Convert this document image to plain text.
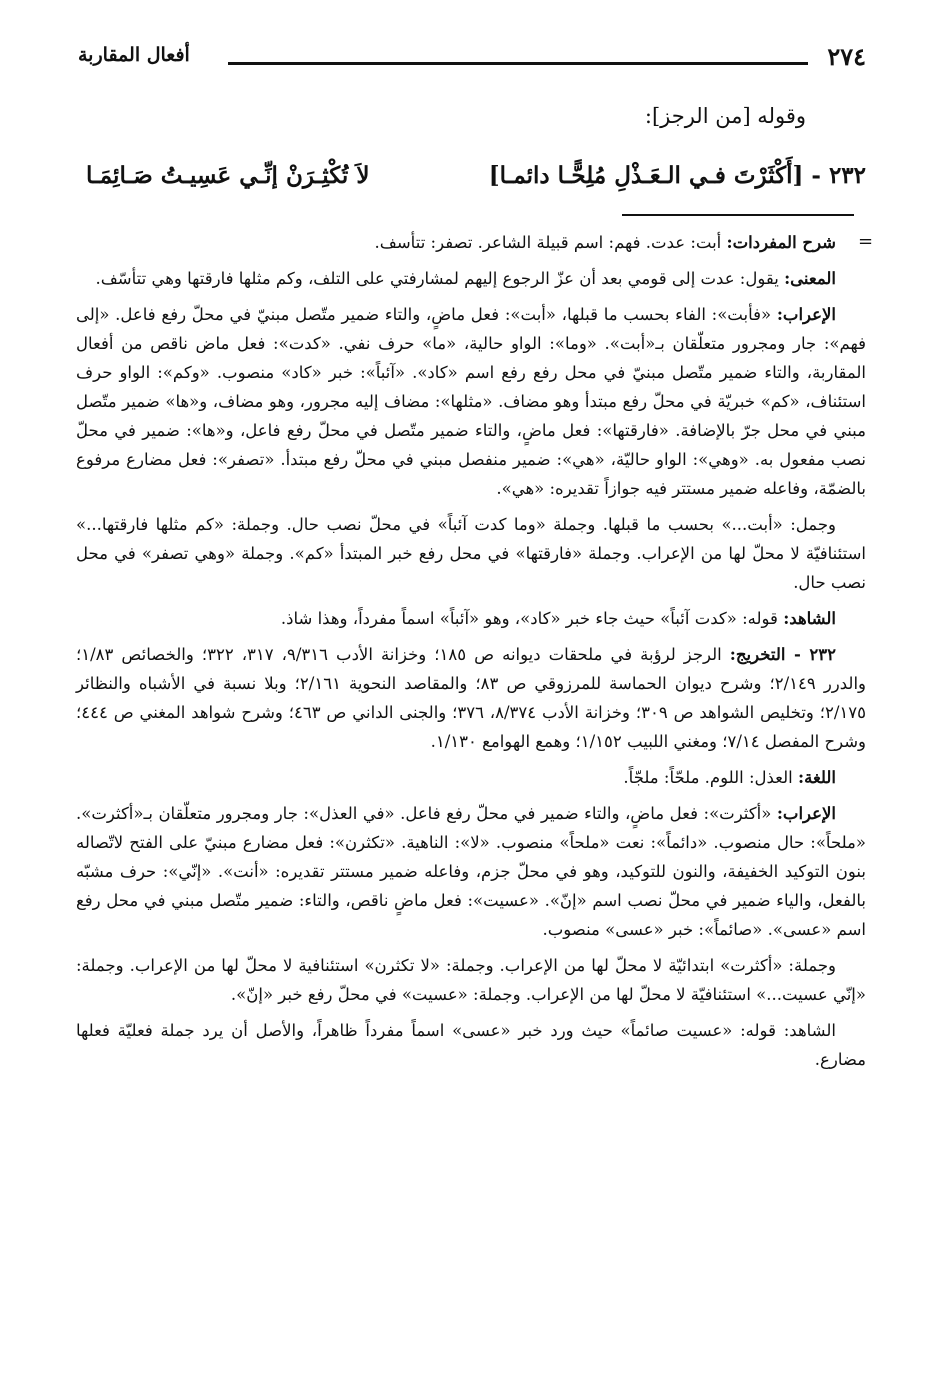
٢٧٤
أفعال المقاربة
وقوله [من الرجز]:
٢٣٢ - [أَكْثَرْتَ فـي الـعَـذْلِ مُلِحًّـا دائمـا]
لاَ تُكْثِـرَنْ إنِّـي عَسِيـتُ صَـائِمَـا
=

شرح المفردات: أبت: عدت. فهم: اسم قبيلة الشاعر. تصفر: تتأسف.

المعنى: يقول: عدت إلى قومي بعد أن عزّ الرجوع إليهم لمشارفتي على التلف، وكم مثلها فارقتها وهي تتأسّف.

الإعراب: «فأبت»: الفاء بحسب ما قبلها، «أبت»: فعل ماضٍ، والتاء ضمير متّصل مبنيّ في محلّ رفع فاعل. «إلى فهم»: جار ومجرور متعلّقان بـ«أبت». «وما»: الواو حالية، «ما» حرف نفي. «كدت»: فعل ماض ناقص من أفعال المقاربة، والتاء ضمير متّصل مبنيّ في محل رفع رفع اسم «كاد». «آئباً»: خبر «كاد» منصوب. «وكم»: الواو حرف استئناف، «كم» خبريّة في محلّ رفع مبتدأ وهو مضاف. «مثلها»: مضاف إليه مجرور، وهو مضاف، و«ها» ضمير متّصل مبني في محل جرّ بالإضافة. «فارقتها»: فعل ماضٍ، والتاء ضمير متّصل في محلّ رفع فاعل، و«ها»: ضمير في محلّ نصب مفعول به. «وهي»: الواو حاليّة، «هي»: ضمير منفصل مبني في محلّ رفع مبتدأ. «تصفر»: فعل مضارع مرفوع بالضمّة، وفاعله ضمير مستتر فيه جوازاً تقديره: «هي».

وجمل: «أبت...» بحسب ما قبلها. وجملة «وما كدت آئباً» في محلّ نصب حال. وجملة: «كم مثلها فارقتها...» استئنافيّة لا محلّ لها من الإعراب. وجملة «فارقتها» في محل رفع خبر المبتدأ «كم». وجملة «وهي تصفر» في محل نصب حال.

الشاهد: قوله: «كدت آئباً» حيث جاء خبر «كاد»، وهو «آئباً» اسماً مفرداً، وهذا شاذ.

٢٣٢ - التخريج: الرجز لرؤبة في ملحقات ديوانه ص ١٨٥؛ وخزانة الأدب ٩/٣١٦، ٣١٧، ٣٢٢؛ والخصائص ١/٨٣؛ والدرر ٢/١٤٩؛ وشرح ديوان الحماسة للمرزوقي ص ٨٣؛ والمقاصد النحوية ٢/١٦١؛ وبلا نسبة في الأشباه والنظائر ٢/١٧٥؛ وتخليص الشواهد ص ٣٠٩؛ وخزانة الأدب ٨/٣٧٤، ٣٧٦؛ والجنى الداني ص ٤٦٣؛ وشرح شواهد المغني ص ٤٤٤؛ وشرح المفصل ٧/١٤؛ ومغني اللبيب ١/١٥٢؛ وهمع الهوامع ١/١٣٠.

اللغة: العذل: اللوم. ملحّاً: ملجّاً.

الإعراب: «أكثرت»: فعل ماضٍ، والتاء ضمير في محلّ رفع فاعل. «في العذل»: جار ومجرور متعلّقان بـ«أكثرت». «ملحاً»: حال منصوب. «دائماً»: نعت «ملحاً» منصوب. «لا»: الناهية. «تكثرن»: فعل مضارع مبنيّ على الفتح لاتّصاله بنون التوكيد الخفيفة، والنون للتوكيد، وهو في محلّ جزم، وفاعله ضمير مستتر تقديره: «أنت». «إنّي»: حرف مشبّه بالفعل، والياء ضمير في محلّ نصب اسم «إنّ». «عسيت»: فعل ماضٍ ناقص، والتاء: ضمير متّصل مبني في محل رفع اسم «عسى». «صائماً»: خبر «عسى» منصوب.

وجملة: «أكثرت» ابتدائيّة لا محلّ لها من الإعراب. وجملة: «لا تكثرن» استئنافية لا محلّ لها من الإعراب. وجملة: «إنّي عسيت...» استئنافيّة لا محلّ لها من الإعراب. وجملة: «عسيت» في محلّ رفع خبر «إنّ».

الشاهد: قوله: «عسيت صائماً» حيث ورد خبر «عسى» اسماً مفرداً ظاهراً، والأصل أن يرد جملة فعليّة فعلها مضارع.
